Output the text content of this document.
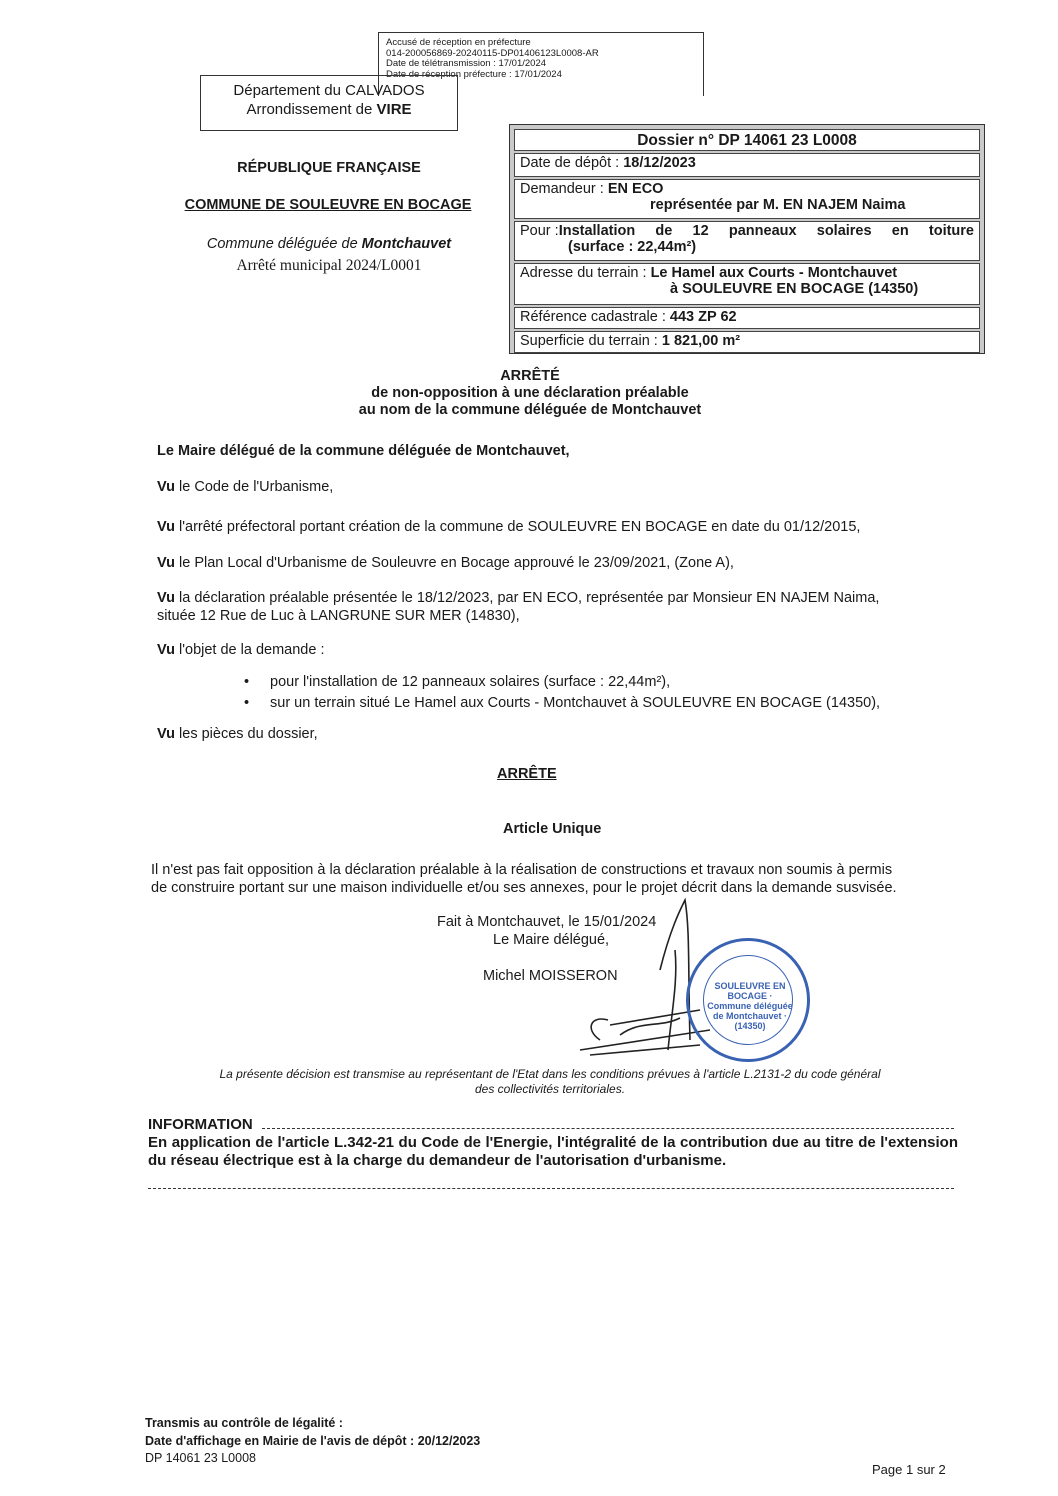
Accusé de réception en préfecture
014-200056869-20240115-DP01406123L0008-AR
Date de télétransmission : 17/01/2024
Date de réception préfecture : 17/01/2024
Département du CALVADOS
Arrondissement de VIRE
RÉPUBLIQUE FRANÇAISE
COMMUNE DE SOULEUVRE EN BOCAGE
Commune déléguée de Montchauvet
Arrêté municipal 2024/L0001
Dossier n° DP 14061 23 L0008
Date de dépôt : 18/12/2023
Demandeur : EN ECO
représentée par M. EN NAJEM Naima
Pour : Installation de 12 panneaux solaires en toiture
(surface : 22,44m²)
Adresse du terrain : Le Hamel aux Courts - Montchauvet
à SOULEUVRE EN BOCAGE (14350)
Référence cadastrale : 443 ZP 62
Superficie du terrain : 1 821,00 m²
ARRÊTÉ
de non-opposition à une déclaration préalable
au nom de la commune déléguée de Montchauvet
Le Maire délégué de la commune déléguée de Montchauvet,
Vu le Code de l'Urbanisme,
Vu l'arrêté préfectoral portant création de la commune de SOULEUVRE EN BOCAGE en date du 01/12/2015,
Vu le Plan Local d'Urbanisme de Souleuvre en Bocage approuvé le 23/09/2021, (Zone A),
Vu la déclaration préalable présentée le 18/12/2023, par EN ECO, représentée par Monsieur EN NAJEM Naima,
située 12 Rue de Luc à LANGRUNE SUR MER (14830),
Vu l'objet de la demande :
• pour l'installation de 12 panneaux solaires (surface : 22,44m²),
• sur un terrain situé Le Hamel aux Courts - Montchauvet à SOULEUVRE EN BOCAGE (14350),
Vu les pièces du dossier,
ARRÊTE
Article Unique
Il n'est pas fait opposition à la déclaration préalable à la réalisation de constructions et travaux non soumis à permis
de construire portant sur une maison individuelle et/ou ses annexes, pour le projet décrit dans la demande susvisée.
Fait à Montchauvet, le 15/01/2024
Le Maire délégué,
Michel MOISSERON
SOULEUVRE EN BOCAGE · Commune déléguée de Montchauvet · (14350)
La présente décision est transmise au représentant de l'Etat dans les conditions prévues à l'article L.2131-2 du code général
des collectivités territoriales.
INFORMATION
En application de l'article L.342-21 du Code de l'Energie, l'intégralité de la contribution due au titre de l'extension du réseau électrique est à la charge du demandeur de l'autorisation d'urbanisme.
Transmis au contrôle de légalité :
Date d'affichage en Mairie de l'avis de dépôt : 20/12/2023
DP 14061 23 L0008
Page 1 sur 2
